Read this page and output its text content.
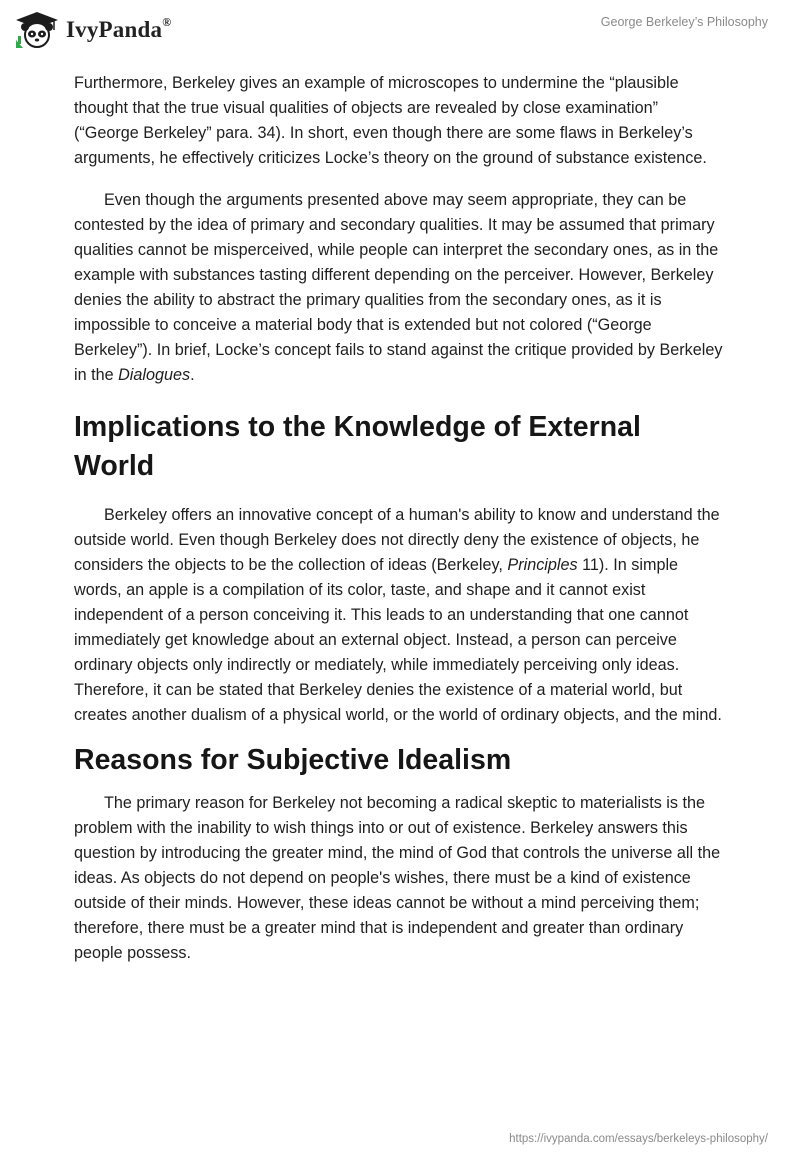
IvyPanda®	George Berkeley’s Philosophy

Furthermore, Berkeley gives an example of microscopes to undermine the “plausible thought that the true visual qualities of objects are revealed by close examination” (“George Berkeley” para. 34). In short, even though there are some flaws in Berkeley’s arguments, he effectively criticizes Locke’s theory on the ground of substance existence.

Even though the arguments presented above may seem appropriate, they can be contested by the idea of primary and secondary qualities. It may be assumed that primary qualities cannot be misperceived, while people can interpret the secondary ones, as in the example with substances tasting different depending on the perceiver. However, Berkeley denies the ability to abstract the primary qualities from the secondary ones, as it is impossible to conceive a material body that is extended but not colored (“George Berkeley”). In brief, Locke’s concept fails to stand against the critique provided by Berkeley in the Dialogues.

Implications to the Knowledge of External World

Berkeley offers an innovative concept of a human's ability to know and understand the outside world. Even though Berkeley does not directly deny the existence of objects, he considers the objects to be the collection of ideas (Berkeley, Principles 11). In simple words, an apple is a compilation of its color, taste, and shape and it cannot exist independent of a person conceiving it. This leads to an understanding that one cannot immediately get knowledge about an external object. Instead, a person can perceive ordinary objects only indirectly or mediately, while immediately perceiving only ideas. Therefore, it can be stated that Berkeley denies the existence of a material world, but creates another dualism of a physical world, or the world of ordinary objects, and the mind.

Reasons for Subjective Idealism

The primary reason for Berkeley not becoming a radical skeptic to materialists is the problem with the inability to wish things into or out of existence. Berkeley answers this question by introducing the greater mind, the mind of God that controls the universe all the ideas. As objects do not depend on people's wishes, there must be a kind of existence outside of their minds. However, these ideas cannot be without a mind perceiving them; therefore, there must be a greater mind that is independent and greater than ordinary people possess.

https://ivypanda.com/essays/berkeleys-philosophy/
